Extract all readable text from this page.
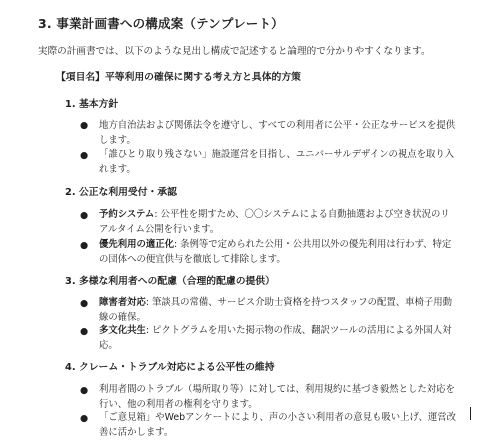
3. 事業計画書への構成案（テンプレート）
実際の計画書では、以下のような見出し構成で記述すると論理的で分かりやすくなります。
【項目名】平等利用の確保に関する考え方と具体的方策
1. 基本方針
● 地方自治法および関係法令を遵守し、すべての利用者に公平・公正なサービスを提供します。
● 「誰ひとり取り残さない」施設運営を目指し、ユニバーサルデザインの視点を取り入れます。
2. 公正な利用受付・承認
● 予約システム: 公平性を期すため、〇〇システムによる自動抽選および空き状況のリアルタイム公開を行います。
● 優先利用の適正化: 条例等で定められた公用・公共用以外の優先利用は行わず、特定の団体への便宜供与を徹底して排除します。
3. 多様な利用者への配慮（合理的配慮の提供）
● 障害者対応: 筆談具の常備、サービス介助士資格を持つスタッフの配置、車椅子用動線の確保。
● 多文化共生: ピクトグラムを用いた掲示物の作成、翻訳ツールの活用による外国人対応。
4. クレーム・トラブル対応による公平性の維持
● 利用者間のトラブル（場所取り等）に対しては、利用規約に基づき毅然とした対応を行い、他の利用者の権利を守ります。
● 「ご意見箱」やWebアンケートにより、声の小さい利用者の意見も吸い上げ、運営改善に活かします。
